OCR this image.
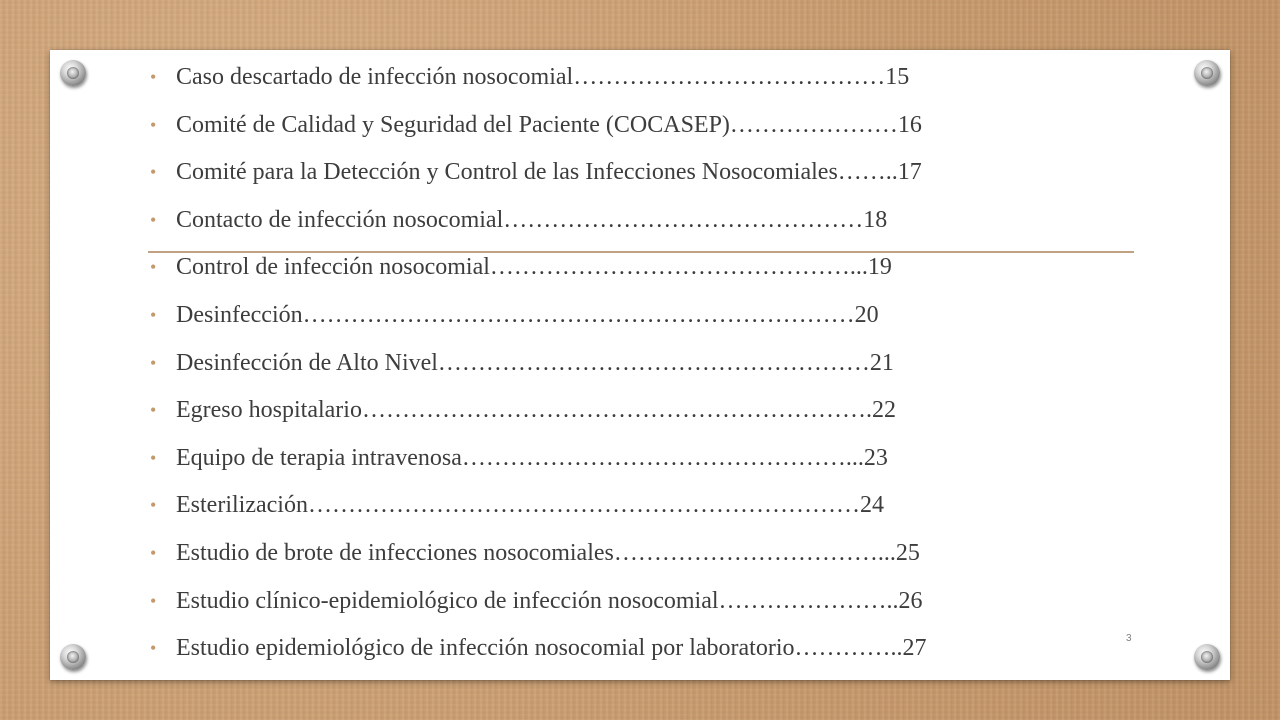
• Caso descartado de infección nosocomial…………………………………15
• Comité de Calidad y Seguridad del Paciente (COCASEP)…………………16
• Comité para la Detección y Control de las Infecciones Nosocomiales……..17
• Contacto de infección nosocomial………………………………………18
• Control de infección nosocomial………………………………………...19
• Desinfección……………………………………………………………20
• Desinfección de Alto Nivel………………………………………………21
• Egreso hospitalario……………………………………………………….22
• Equipo de terapia intravenosa…………………………………………...23
• Esterilización……………………………………………………………24
• Estudio de brote de infecciones nosocomiales……………………………...25
• Estudio clínico-epidemiológico de infección nosocomial…………………..26
• Estudio epidemiológico de infección nosocomial por laboratorio…………..27	3
